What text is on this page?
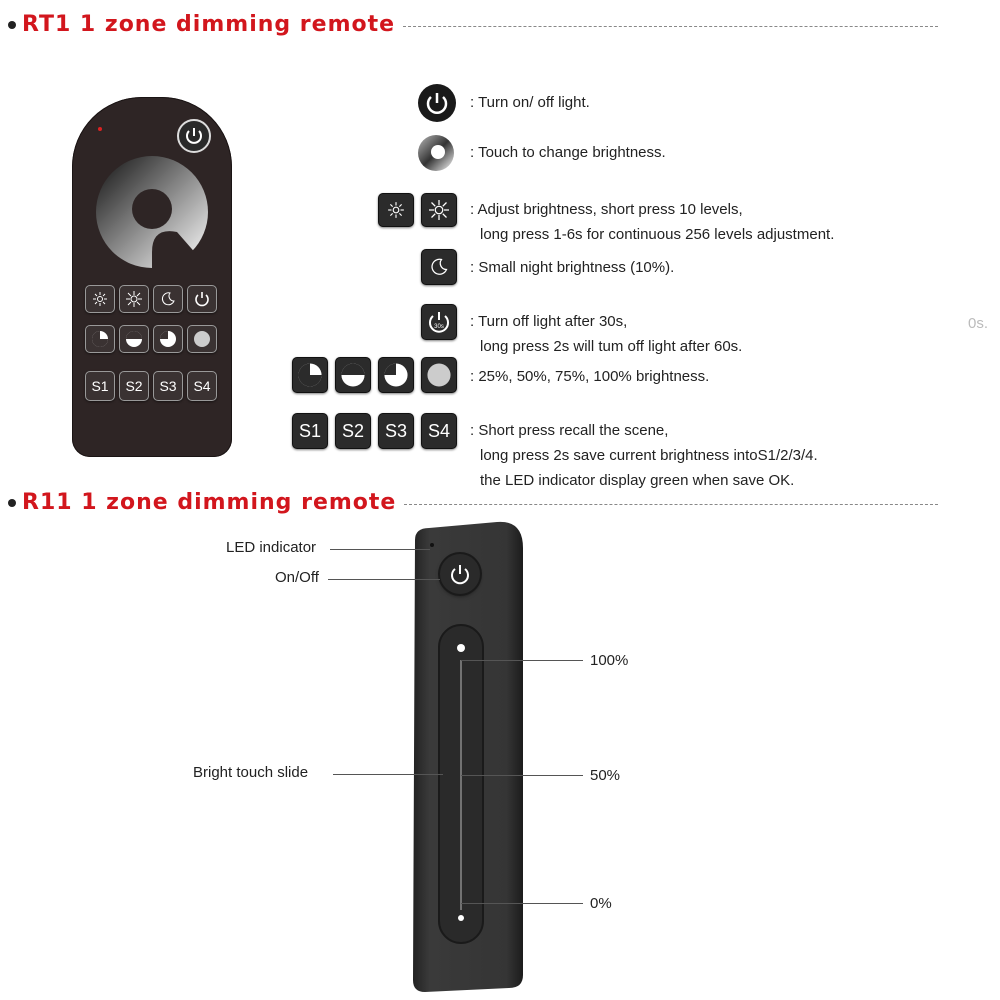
RT1 1 zone dimming remote
S1 S2 S3 S4
30s
S1 S2 S3 S4
: Turn on/ off light.
: Touch to change brightness.
: Adjust brightness, short press 10 levels,
long press 1-6s for continuous 256 levels adjustment.
: Small night brightness (10%).
: Turn off light after 30s,
long press 2s will tum off light after 60s.
0s.
: 25%, 50%, 75%, 100% brightness.
: Short press recall the scene,
long press 2s save current brightness intoS1/2/3/4.
the LED indicator display green when save OK.
R11 1 zone dimming remote
LED indicator
On/Off
Bright touch slide
100%
50%
0%
